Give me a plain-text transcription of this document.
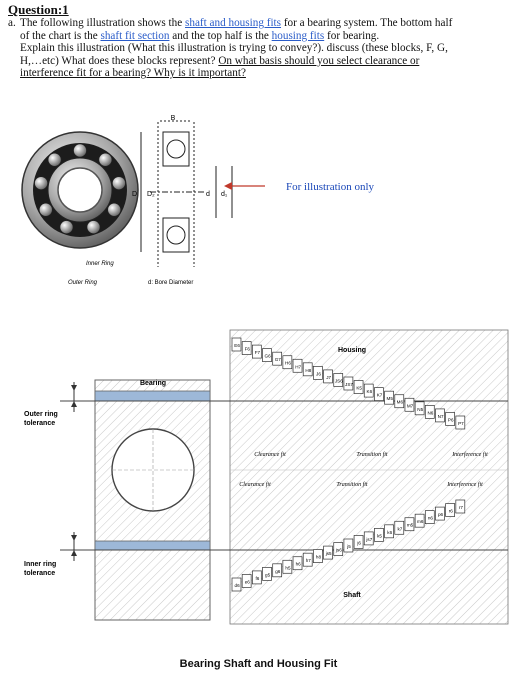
Question:1
a. The following illustration shows the shaft and housing fits for a bearing system. The bottom half
of the chart is the shaft fit section and the top half is the housing fits for bearing.
Explain this illustration (What this illustration is trying to convey?). discuss (these blocks, F, G,
H,…etc) What does these blocks represent? On what basis should you select clearance or
interference fit for a bearing? Why is it important?
B
D D₂	d d₁
Inner Ring
Outer Ring	d: Bore Diameter
E6
F6
F7
G6
G7
H6
H7
H8
J6
J7
JS6
JS7
K5
K6
K7
M5
M6
M7
N5
N6
N7
P6
P7
d6
e6
f6
g5
g6
h5
h6
h7
h8
js5
js6
j5
j6
js7
k5
k6
k7
m5
m6
n6
p6
r6
r7
Bearing
Outer ring
tolerance
Inner ring
tolerance
Housing
Shaft
Clearance fit	Transition fit	Interference fit
Clearance fit	Transition fit	Interference fit
For illustration only
Bearing Shaft and Housing Fit
